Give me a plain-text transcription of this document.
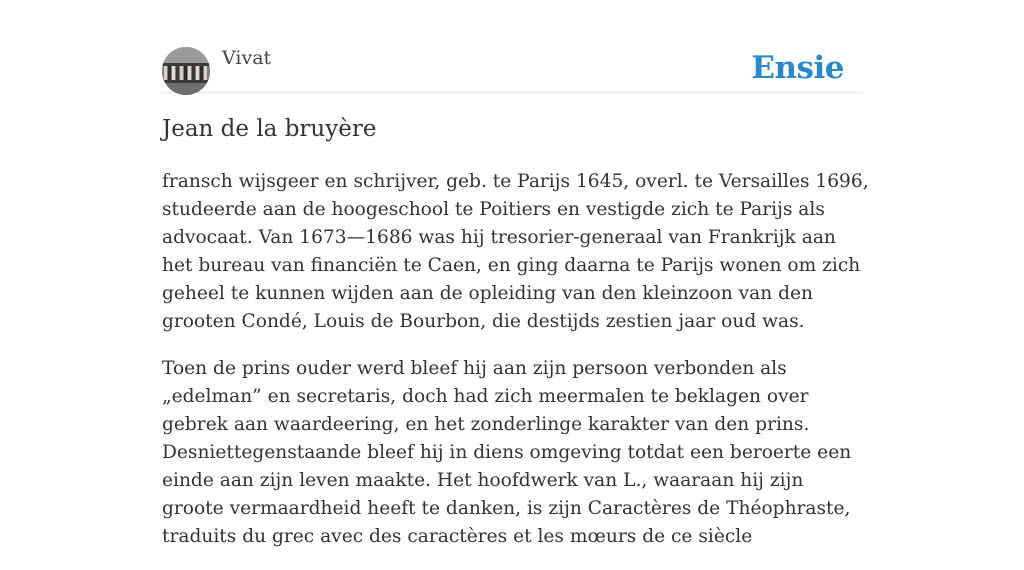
Vivat	Ensie
Jean de la bruyère

fransch wijsgeer en schrijver, geb. te Parijs 1645, overl. te Versailles 1696, studeerde aan de hoogeschool te Poitiers en vestigde zich te Parijs als advocaat. Van 1673—1686 was hij tresorier-generaal van Frankrijk aan het bureau van financiën te Caen, en ging daarna te Parijs wonen om zich geheel te kunnen wijden aan de opleiding van den kleinzoon van den grooten Condé, Louis de Bourbon, die destijds zestien jaar oud was.

Toen de prins ouder werd bleef hij aan zijn persoon verbonden als „edelman” en secretaris, doch had zich meermalen te beklagen over gebrek aan waardeering, en het zonderlinge karakter van den prins. Desniettegenstaande bleef hij in diens omgeving totdat een beroerte een einde aan zijn leven maakte. Het hoofdwerk van L., waaraan hij zijn groote vermaardheid heeft te danken, is zijn Caractères de Théophraste, traduits du grec avec des caractères et les mœurs de ce siècle
